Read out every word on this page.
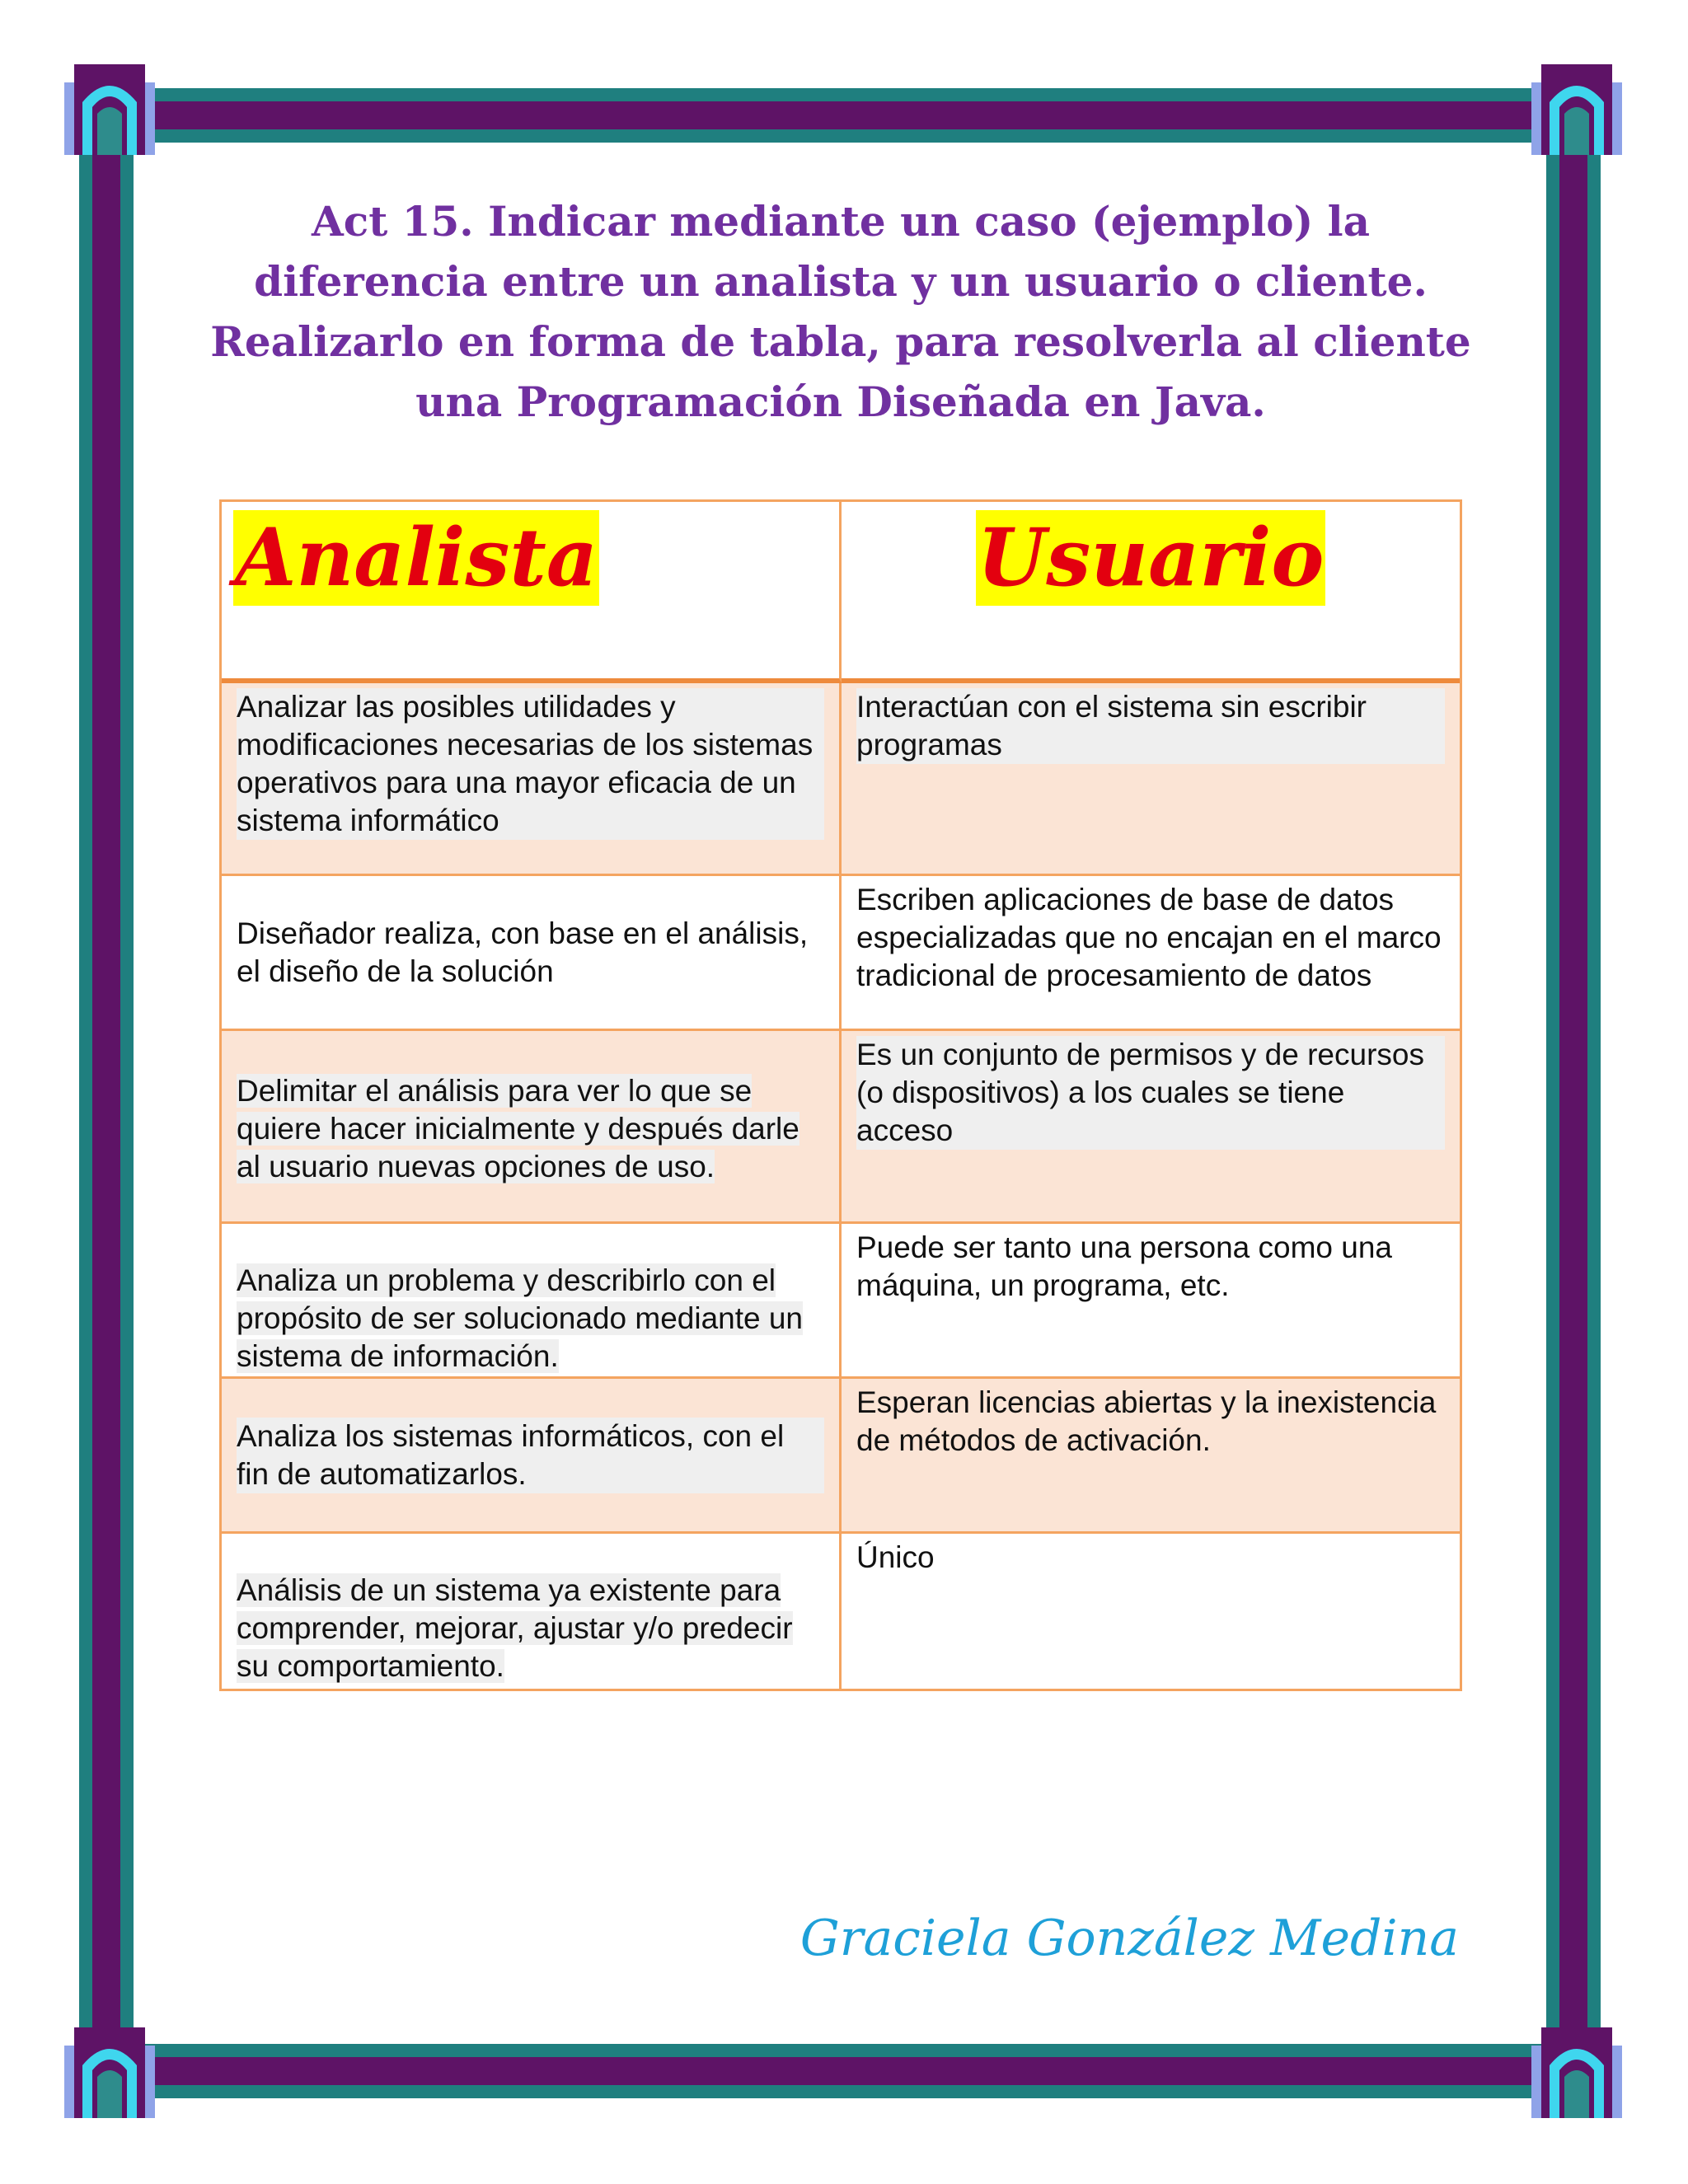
Act 15. Indicar mediante un caso (ejemplo) la diferencia entre un analista y un usuario o cliente. Realizarlo en forma de tabla, para resolverla al cliente una Programación Diseñada en Java.
Analista	Usuario
Analizar las posibles utilidades y modificaciones necesarias de los sistemas operativos para una mayor eficacia de un sistema informático
Interactúan con el sistema sin escribir programas
Diseñador realiza, con base en el análisis, el diseño de la solución
Escriben aplicaciones de base de datos especializadas que no encajan en el marco tradicional de procesamiento de datos
Delimitar el análisis para ver lo que se quiere hacer inicialmente y después darle al usuario nuevas opciones de uso.
Es un conjunto de permisos y de recursos (o dispositivos) a los cuales se tiene acceso
Analiza un problema y describirlo con el propósito de ser solucionado mediante un sistema de información.
Puede ser tanto una persona como una máquina, un programa, etc.
Analiza los sistemas informáticos, con el fin de automatizarlos.
Esperan licencias abiertas y la inexistencia de métodos de activación.
Análisis de un sistema ya existente para comprender, mejorar, ajustar y/o predecir su comportamiento.
Único
Graciela González Medina
